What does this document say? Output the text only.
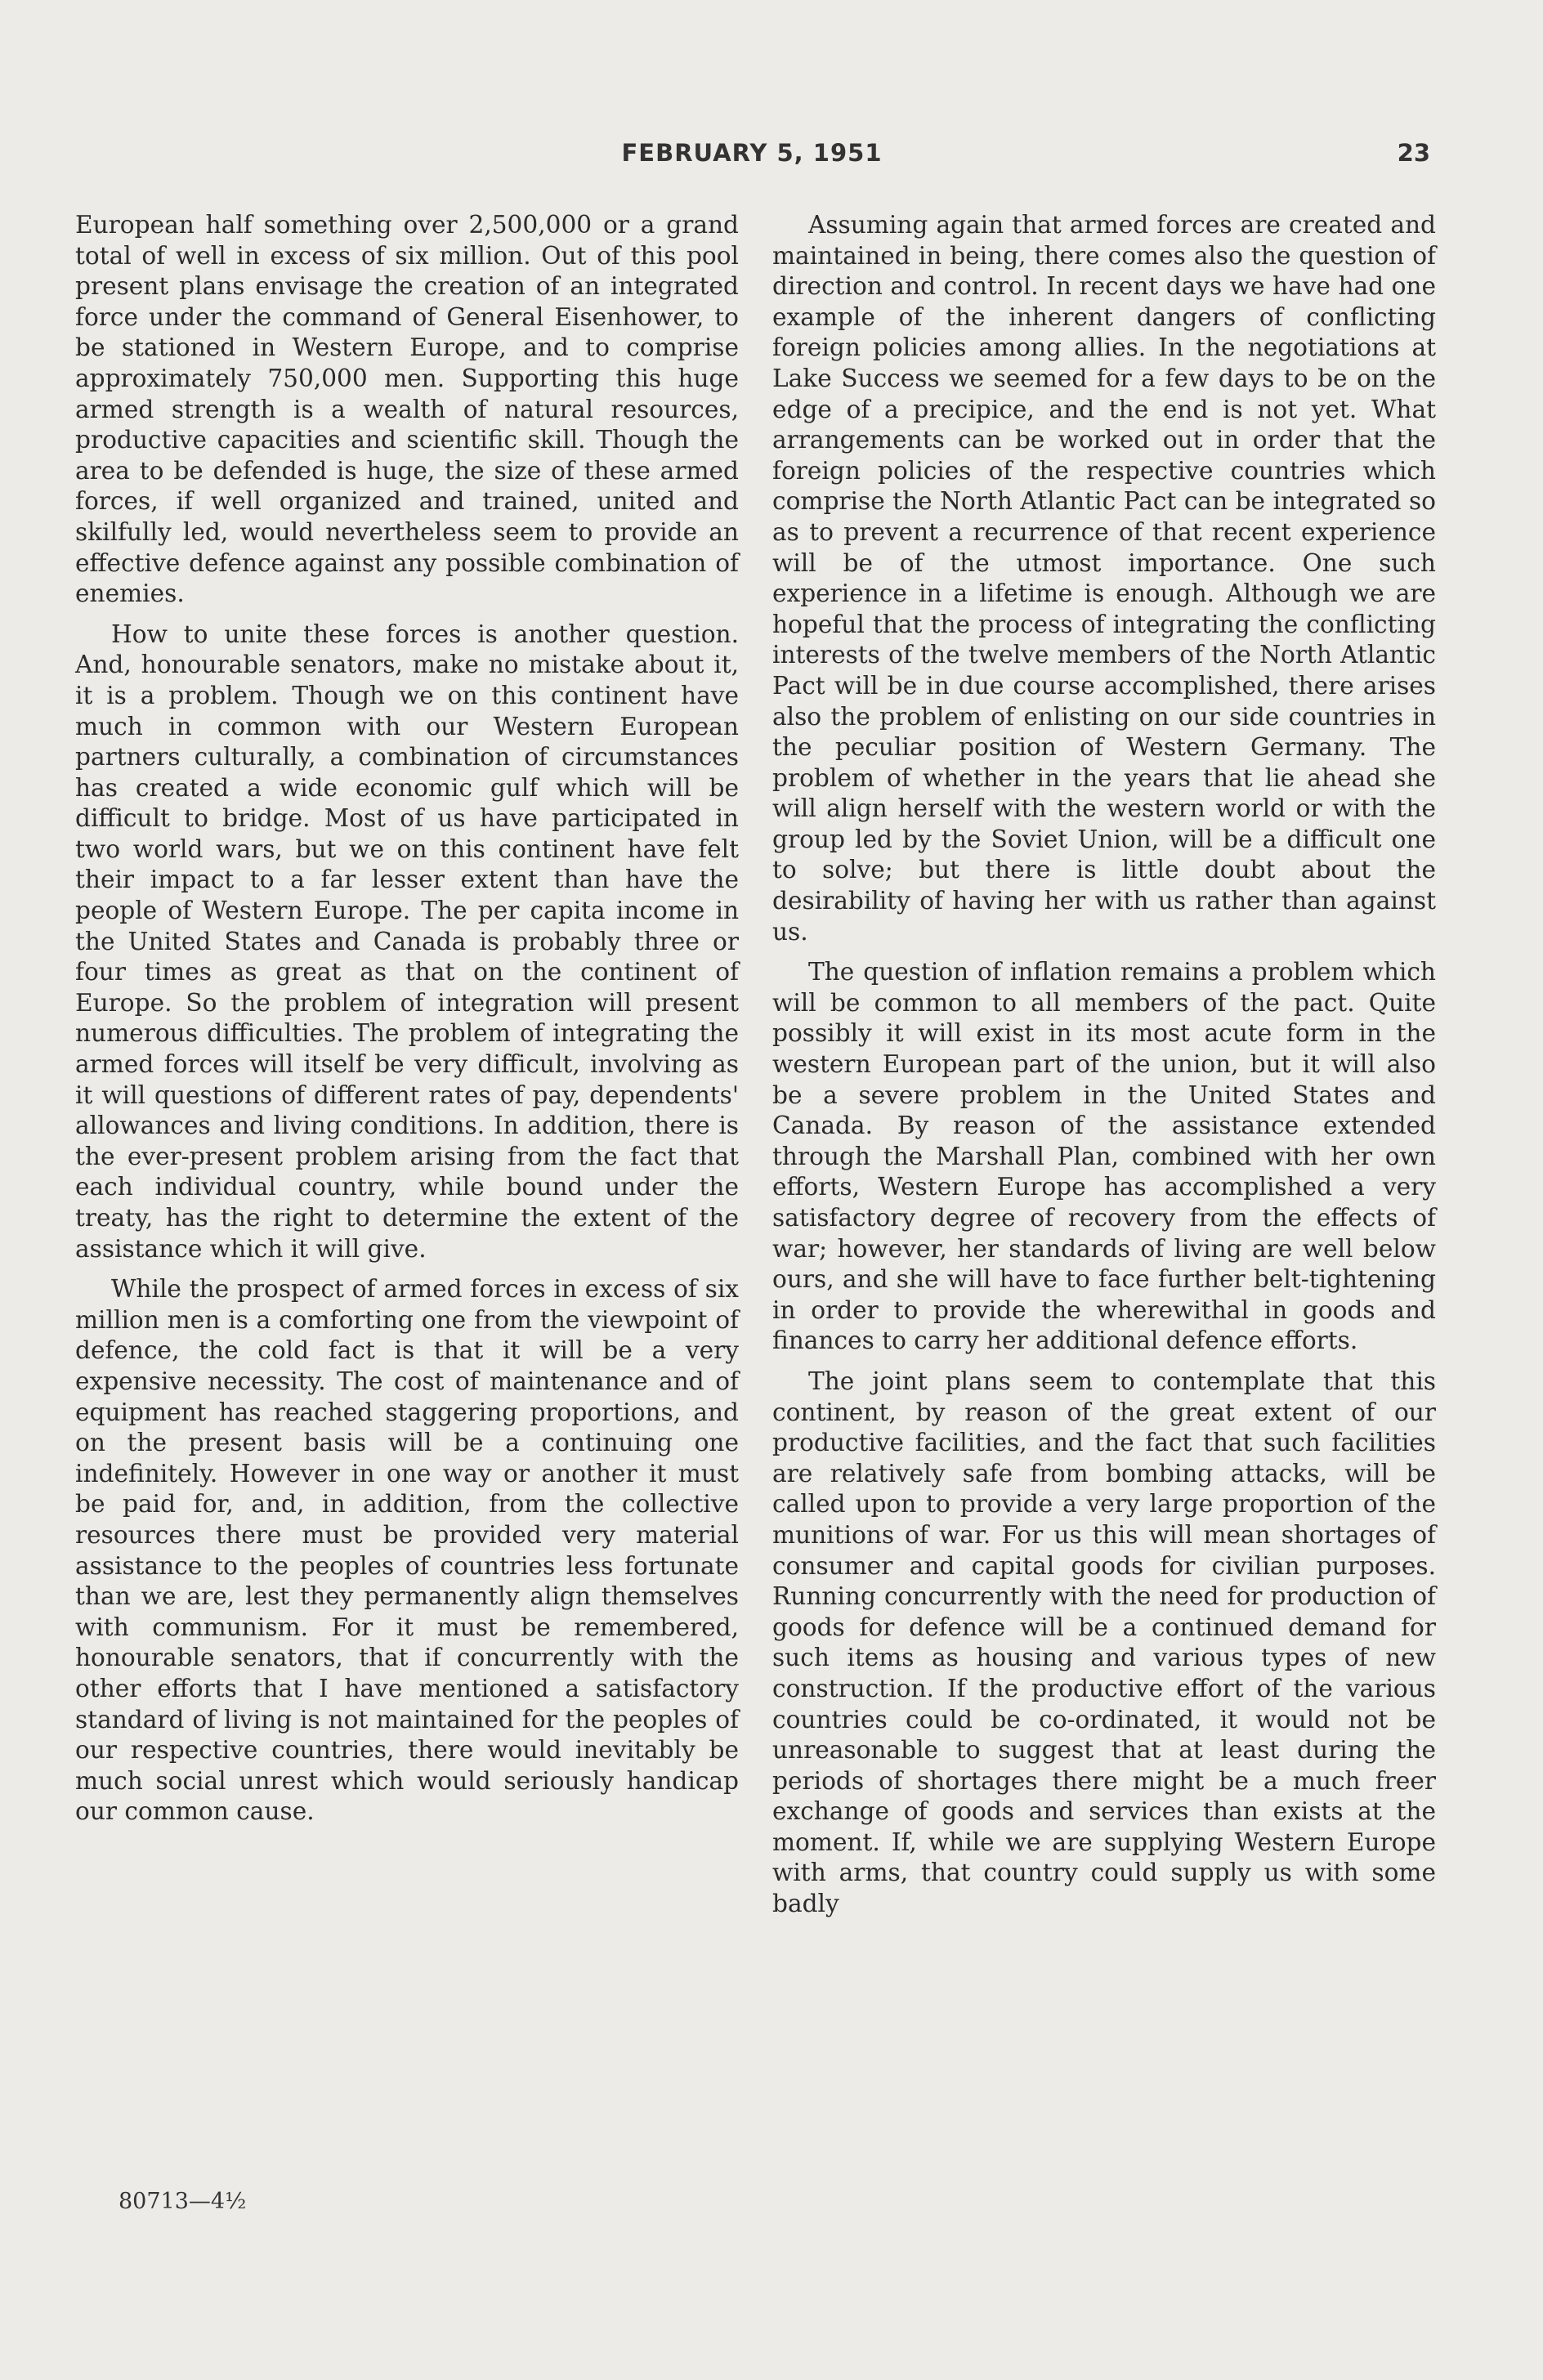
FEBRUARY 5, 1951	23

European half something over 2,500,000 or a grand total of well in excess of six million. Out of this pool present plans envisage the creation of an integrated force under the command of General Eisenhower, to be stationed in Western Europe, and to comprise approximately 750,000 men. Supporting this huge armed strength is a wealth of natural resources, productive capacities and scientific skill. Though the area to be defended is huge, the size of these armed forces, if well organized and trained, united and skilfully led, would nevertheless seem to provide an effective defence against any possible combination of enemies.

How to unite these forces is another question. And, honourable senators, make no mistake about it, it is a problem. Though we on this continent have much in common with our Western European partners culturally, a combination of circumstances has created a wide economic gulf which will be difficult to bridge. Most of us have participated in two world wars, but we on this continent have felt their impact to a far lesser extent than have the people of Western Europe. The per capita income in the United States and Canada is probably three or four times as great as that on the continent of Europe. So the problem of integration will present numerous difficulties. The problem of integrating the armed forces will itself be very difficult, involving as it will questions of different rates of pay, dependents' allowances and living conditions. In addition, there is the ever-present problem arising from the fact that each individual country, while bound under the treaty, has the right to determine the extent of the assistance which it will give.

While the prospect of armed forces in excess of six million men is a comforting one from the viewpoint of defence, the cold fact is that it will be a very expensive necessity. The cost of maintenance and of equipment has reached staggering proportions, and on the present basis will be a continuing one indefinitely. However in one way or another it must be paid for, and, in addition, from the collective resources there must be provided very material assistance to the peoples of countries less fortunate than we are, lest they permanently align themselves with communism. For it must be remembered, honourable senators, that if concurrently with the other efforts that I have mentioned a satisfactory standard of living is not maintained for the peoples of our respective countries, there would inevitably be much social unrest which would seriously handicap our common cause.

Assuming again that armed forces are created and maintained in being, there comes also the question of direction and control. In recent days we have had one example of the inherent dangers of conflicting foreign policies among allies. In the negotiations at Lake Success we seemed for a few days to be on the edge of a precipice, and the end is not yet. What arrangements can be worked out in order that the foreign policies of the respective countries which comprise the North Atlantic Pact can be integrated so as to prevent a recurrence of that recent experience will be of the utmost importance. One such experience in a lifetime is enough. Although we are hopeful that the process of integrating the conflicting interests of the twelve members of the North Atlantic Pact will be in due course accomplished, there arises also the problem of enlisting on our side countries in the peculiar position of Western Germany. The problem of whether in the years that lie ahead she will align herself with the western world or with the group led by the Soviet Union, will be a difficult one to solve; but there is little doubt about the desirability of having her with us rather than against us.

The question of inflation remains a problem which will be common to all members of the pact. Quite possibly it will exist in its most acute form in the western European part of the union, but it will also be a severe problem in the United States and Canada. By reason of the assistance extended through the Marshall Plan, combined with her own efforts, Western Europe has accomplished a very satisfactory degree of recovery from the effects of war; however, her standards of living are well below ours, and she will have to face further belt-tightening in order to provide the wherewithal in goods and finances to carry her additional defence efforts.

The joint plans seem to contemplate that this continent, by reason of the great extent of our productive facilities, and the fact that such facilities are relatively safe from bombing attacks, will be called upon to provide a very large proportion of the munitions of war. For us this will mean shortages of consumer and capital goods for civilian purposes. Running concurrently with the need for production of goods for defence will be a continued demand for such items as housing and various types of new construction. If the productive effort of the various countries could be co-ordinated, it would not be unreasonable to suggest that at least during the periods of shortages there might be a much freer exchange of goods and services than exists at the moment. If, while we are supplying Western Europe with arms, that country could supply us with some badly

80713—4½
